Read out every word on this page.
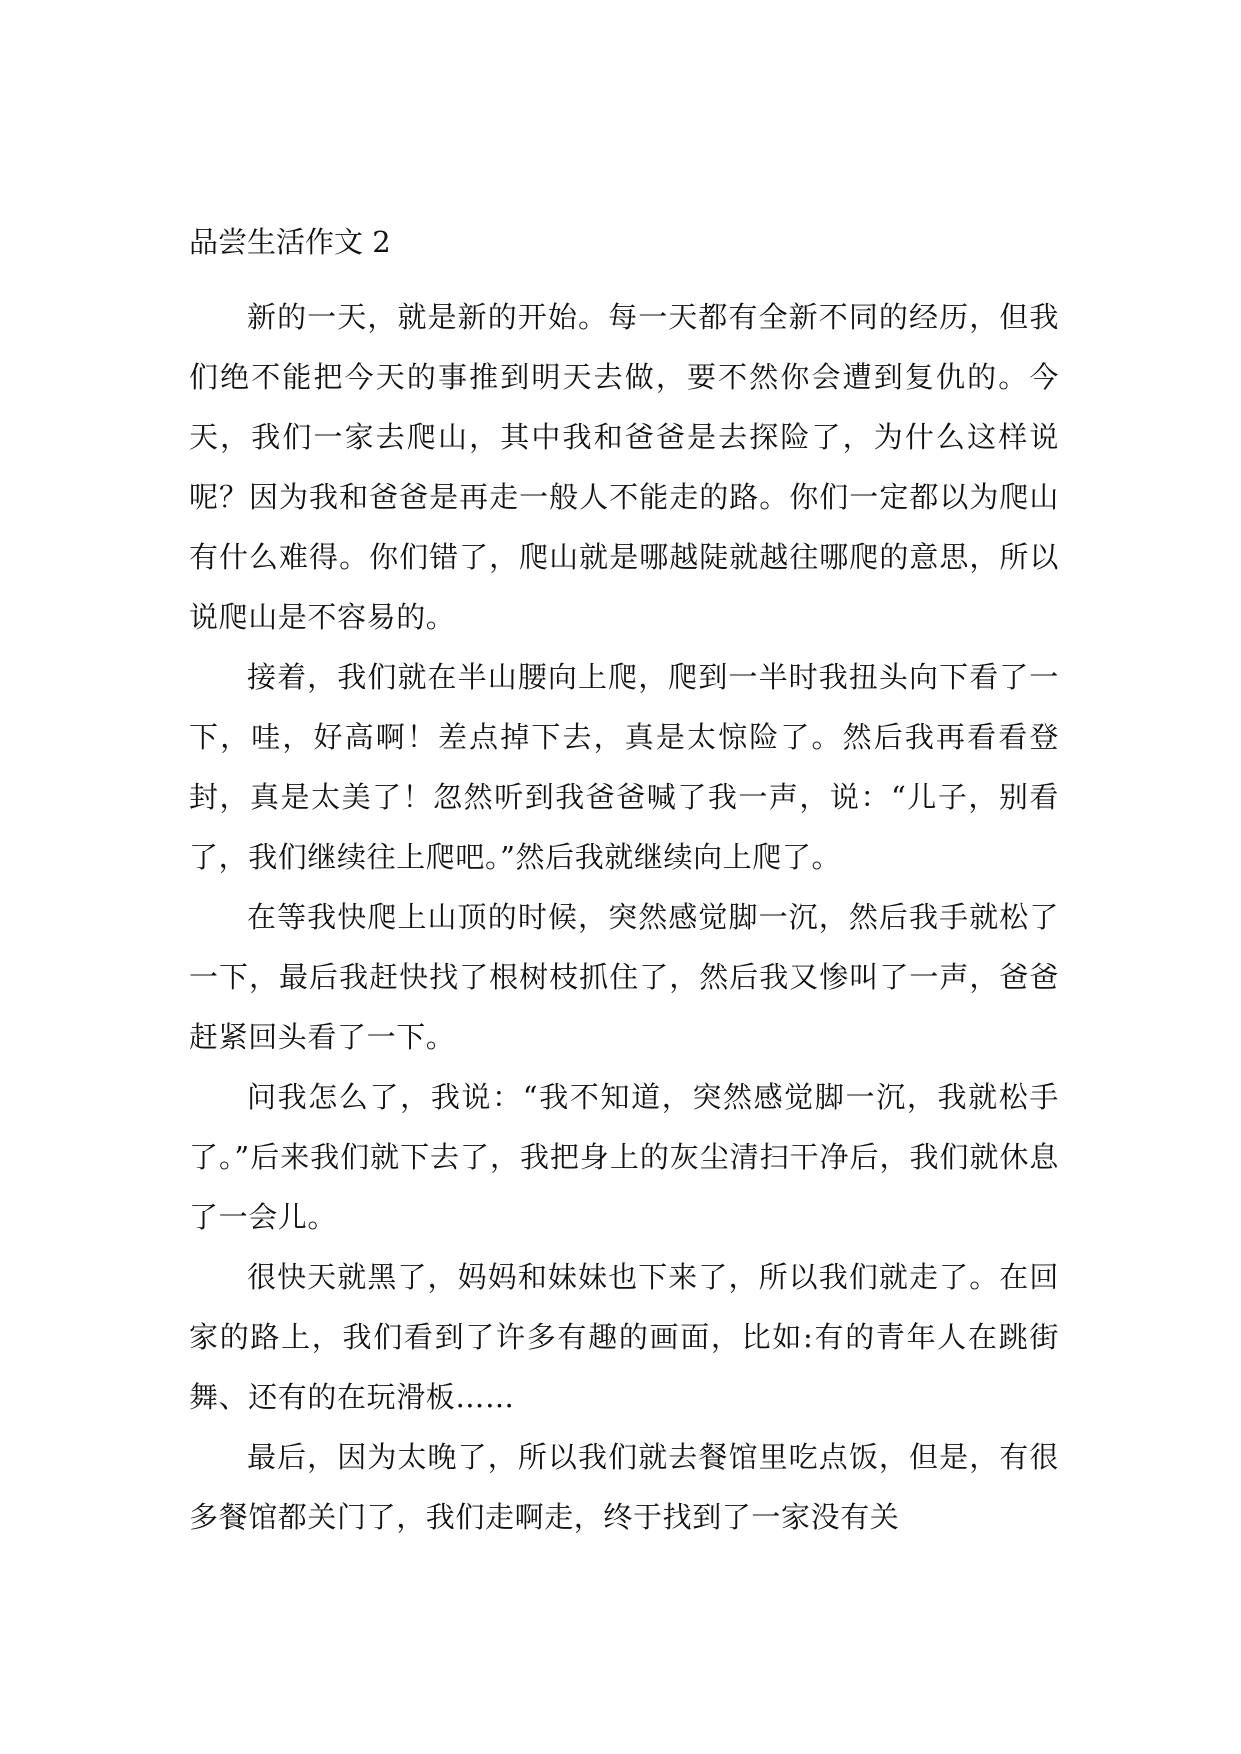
品尝生活作文 2

新的一天，就是新的开始。每一天都有全新不同的经历，但我们绝不能把今天的事推到明天去做，要不然你会遭到复仇的。今天，我们一家去爬山，其中我和爸爸是去探险了，为什么这样说呢？因为我和爸爸是再走一般人不能走的路。你们一定都以为爬山有什么难得。你们错了，爬山就是哪越陡就越往哪爬的意思，所以说爬山是不容易的。

接着，我们就在半山腰向上爬，爬到一半时我扭头向下看了一下，哇，好高啊！差点掉下去，真是太惊险了。然后我再看看登封，真是太美了！忽然听到我爸爸喊了我一声，说：“儿子，别看了，我们继续往上爬吧。”然后我就继续向上爬了。

在等我快爬上山顶的时候，突然感觉脚一沉，然后我手就松了一下，最后我赶快找了根树枝抓住了，然后我又惨叫了一声，爸爸赶紧回头看了一下。

问我怎么了，我说：“我不知道，突然感觉脚一沉，我就松手了。”后来我们就下去了，我把身上的灰尘清扫干净后，我们就休息了一会儿。

很快天就黑了，妈妈和妹妹也下来了，所以我们就走了。在回家的路上，我们看到了许多有趣的画面，比如:有的青年人在跳街舞、还有的在玩滑板……

最后，因为太晚了，所以我们就去餐馆里吃点饭，但是，有很多餐馆都关门了，我们走啊走，终于找到了一家没有关
